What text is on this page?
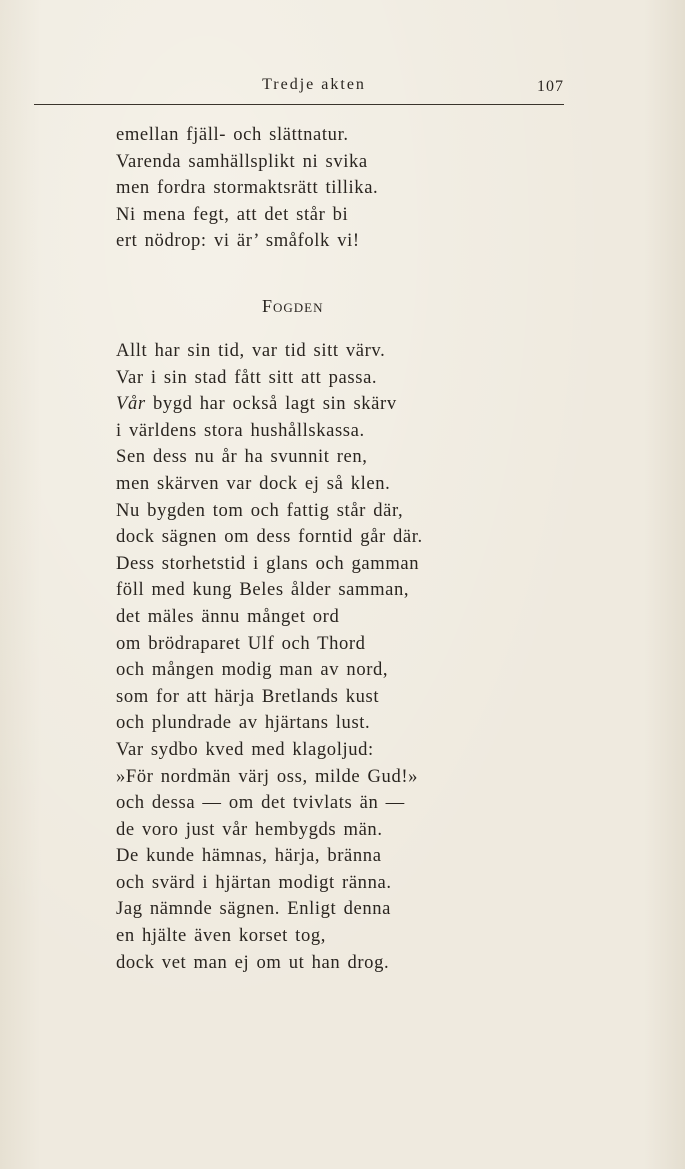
Tredje akten	107
emellan fjäll- och slättnatur.
Varenda samhällsplikt ni svika
men fordra stormaktsrätt tillika.
Ni mena fegt, att det står bi
ert nödrop: vi är’ småfolk vi!
Fogden
Allt har sin tid, var tid sitt värv.
Var i sin stad fått sitt att passa.
Vår bygd har också lagt sin skärv
i världens stora hushållskassa.
Sen dess nu år ha svunnit ren,
men skärven var dock ej så klen.
Nu bygden tom och fattig står där,
dock sägnen om dess forntid går där.
Dess storhetstid i glans och gamman
föll med kung Beles ålder samman,
det mäles ännu månget ord
om brödraparet Ulf och Thord
och mången modig man av nord,
som for att härja Bretlands kust
och plundrade av hjärtans lust.
Var sydbo kved med klagoljud:
»För nordmän värj oss, milde Gud!»
och dessa — om det tvivlats än —
de voro just vår hembygds män.
De kunde hämnas, härja, bränna
och svärd i hjärtan modigt ränna.
Jag nämnde sägnen. Enligt denna
en hjälte även korset tog,
dock vet man ej om ut han drog.
